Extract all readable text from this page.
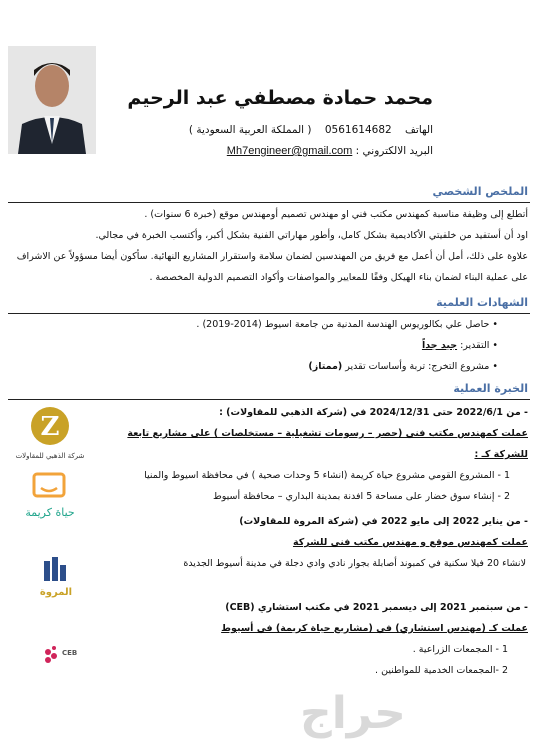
محمد حمادة مصطفي عبد الرحيم
الهاتف    0561614682    ( المملكة العربية السعودية )
البريد الالكتروني : Mh7engineer@gmail.com
الملخص الشخصي
أتطلع إلى وظيفة مناسبة كمهندس مكتب فني او مهندس تصميم أومهندس موقع (خبرة 6 سنوات) .
اود أن أستفيد من خلفيتي الأكاديمية بشكل كامل، وأطور مهاراتي الفنية بشكل أكبر، وأكتسب الخبرة في مجالي.
علاوة على ذلك، أمل أن أعمل مع فريق من المهندسين لضمان سلامة واستقرار المشاريع النهائية. سأكون أيضا مسؤولاً عن الاشراف
على عملية البناء لضمان بناء الهيكل وفقًا للمعايير والمواصفات وأكواد التصميم الدولية المخصصة .
الشهادات العلمية
• حاصل علي بكالوريوس الهندسة المدنية من جامعة اسيوط (2014-2019) .
• التقدير: جيد جداً
• مشروع التخرج: تربة وأساسات تقدير (ممتاز)
الخبرة العملية
- من 2022/6/1 حتى 2024/12/31 في (شركة الذهبي للمقاولات) :
عملت كمهندس مكتب فني (حصر – رسومات تشغيلية – مستخلصات ) على مشاريع تابعة للشركة كـ :
1 - المشروع القومي مشروع حياة كريمة (انشاء 5 وحدات صحية ) في محافظة اسيوط والمنيا
2 - إنشاء سوق خضار على مساحة 5 افدنة بمدينة البداري – محافظة أسيوط
- من يناير 2022 إلى مايو 2022 في (شركة المروة للمقاولات)
عملت كمهندس موقع و مهندس مكتب فني للشركة
لانشاء 20 فيلا سكنية في كمبوند أصابلة بجوار نادي وادي دجلة في مدينة أسيوط الجديدة
- من سبتمبر 2021 إلى ديسمبر 2021 في مكتب استشاري (CEB)
عملت كـ (مهندس استشاري) في (مشاريع حياة كريمة) في أسيوط
1 - المجمعات الزراعية .
2 -المجمعات الخدمية للمواطنين .
Z
شركة الذهبي للمقاولات
حياة كريمة
المروة
CEB
حراج
